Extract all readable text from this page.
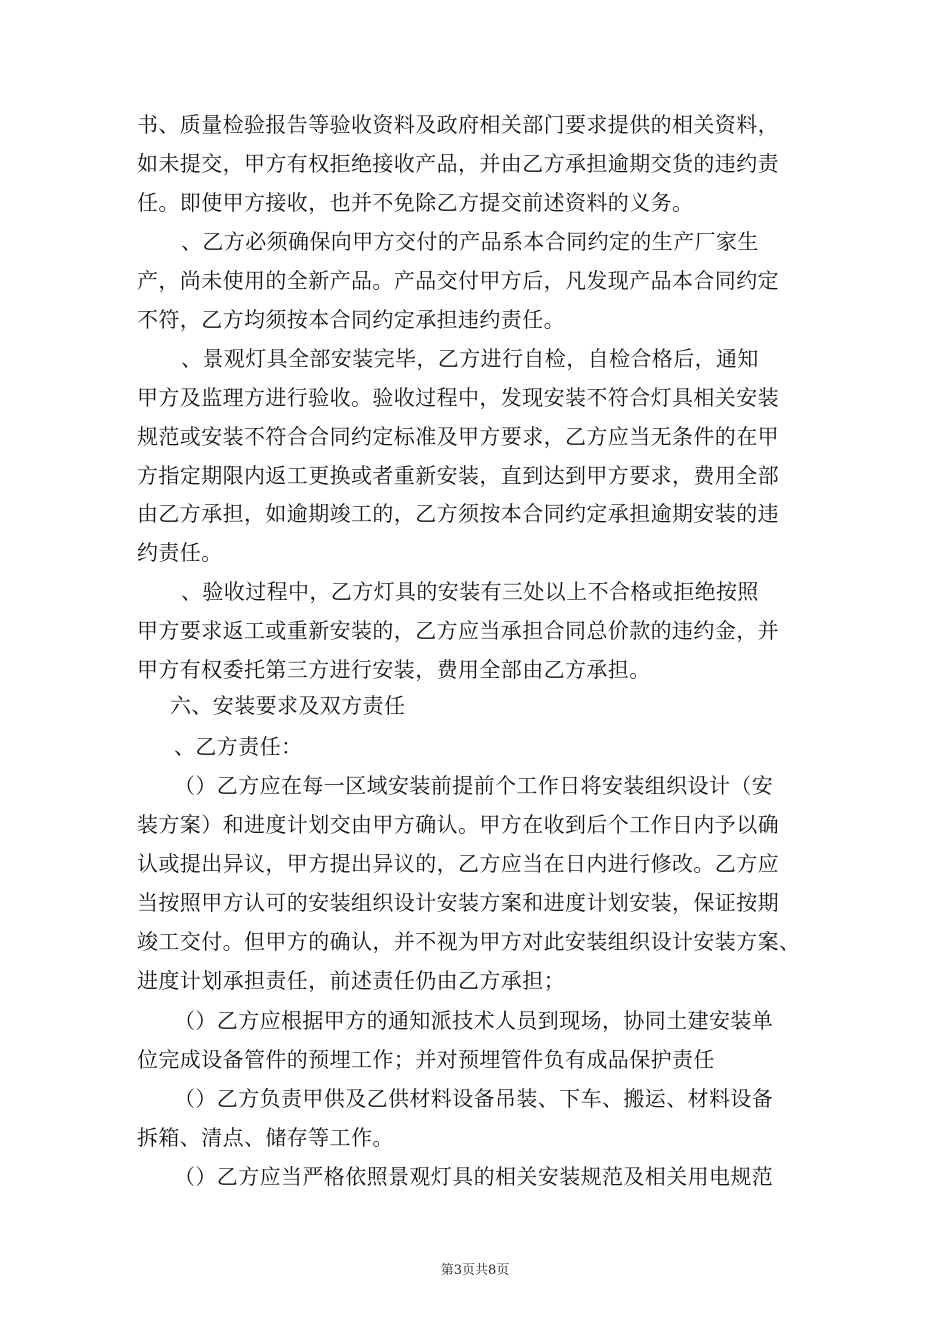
书、质量检验报告等验收资料及政府相关部门要求提供的相关资料，
如未提交，甲方有权拒绝接收产品，并由乙方承担逾期交货的违约责
任。即使甲方接收，也并不免除乙方提交前述资料的义务。
、乙方必须确保向甲方交付的产品系本合同约定的生产厂家生
产，尚未使用的全新产品。产品交付甲方后，凡发现产品本合同约定
不符，乙方均须按本合同约定承担违约责任。
、景观灯具全部安装完毕，乙方进行自检，自检合格后，通知
甲方及监理方进行验收。验收过程中，发现安装不符合灯具相关安装
规范或安装不符合合同约定标准及甲方要求，乙方应当无条件的在甲
方指定期限内返工更换或者重新安装，直到达到甲方要求，费用全部
由乙方承担，如逾期竣工的，乙方须按本合同约定承担逾期安装的违
约责任。
、验收过程中，乙方灯具的安装有三处以上不合格或拒绝按照
甲方要求返工或重新安装的，乙方应当承担合同总价款的违约金，并
甲方有权委托第三方进行安装，费用全部由乙方承担。
六、安装要求及双方责任
、乙方责任：
（）乙方应在每一区域安装前提前个工作日将安装组织设计（安
装方案）和进度计划交由甲方确认。甲方在收到后个工作日内予以确
认或提出异议，甲方提出异议的，乙方应当在日内进行修改。乙方应
当按照甲方认可的安装组织设计安装方案和进度计划安装，保证按期
竣工交付。但甲方的确认，并不视为甲方对此安装组织设计安装方案、
进度计划承担责任，前述责任仍由乙方承担；
（）乙方应根据甲方的通知派技术人员到现场，协同土建安装单
位完成设备管件的预埋工作；并对预埋管件负有成品保护责任
（）乙方负责甲供及乙供材料设备吊装、下车、搬运、材料设备
拆箱、清点、储存等工作。
（）乙方应当严格依照景观灯具的相关安装规范及相关用电规范
第3页共8页
